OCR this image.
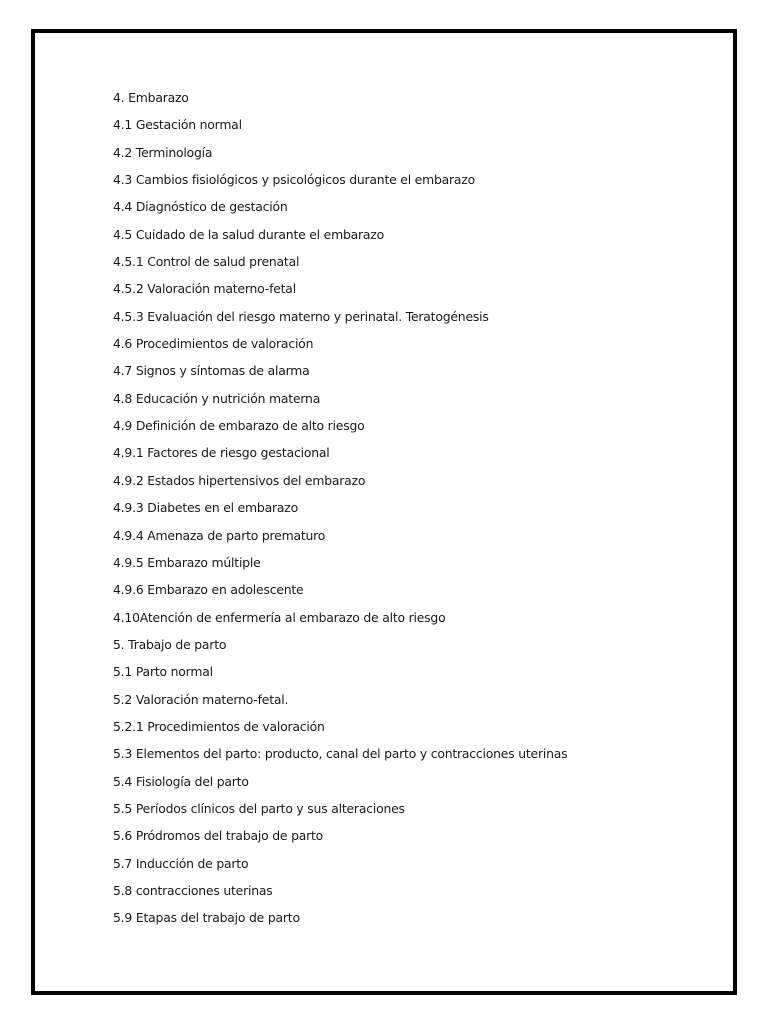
4. Embarazo
4.1 Gestación normal
4.2 Terminología
4.3 Cambios fisiológicos y psicológicos durante el embarazo
4.4 Diagnóstico de gestación
4.5 Cuidado de la salud durante el embarazo
4.5.1 Control de salud prenatal
4.5.2 Valoración materno-fetal
4.5.3 Evaluación del riesgo materno y perinatal. Teratogénesis
4.6 Procedimientos de valoración
4.7 Signos y síntomas de alarma
4.8 Educación y nutrición materna
4.9 Definición de embarazo de alto riesgo
4.9.1 Factores de riesgo gestacional
4.9.2 Estados hipertensivos del embarazo
4.9.3 Diabetes en el embarazo
4.9.4 Amenaza de parto prematuro
4.9.5 Embarazo múltiple
4.9.6 Embarazo en adolescente
4.10Atención de enfermería al embarazo de alto riesgo
5. Trabajo de parto
5.1 Parto normal
5.2 Valoración materno-fetal.
5.2.1 Procedimientos de valoración
5.3 Elementos del parto: producto, canal del parto y contracciones uterinas
5.4 Fisiología del parto
5.5 Períodos clínicos del parto y sus alteraciones
5.6 Pródromos del trabajo de parto
5.7 Inducción de parto
5.8 contracciones uterinas
5.9 Etapas del trabajo de parto
